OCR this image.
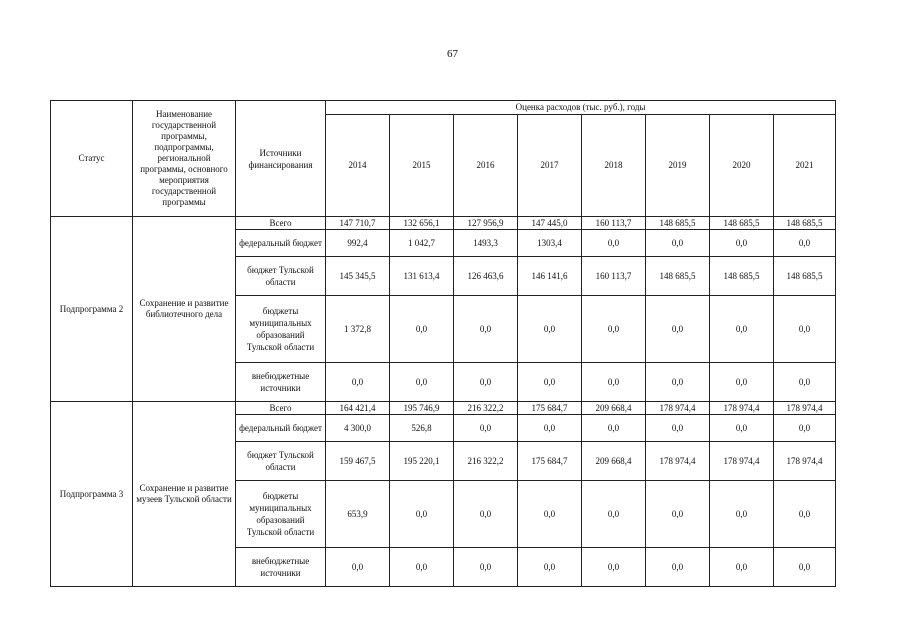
67
Статус	Наименование государственной программы, подпрограммы, региональной программы, основного мероприятия государственной программы	Источники финансирования	Оценка расходов (тыс. руб.), годы							
			2014	2015	2016	2017	2018	2019	2020	2021
Подпрограмма 2	Сохранение и развитие библиотечного дела	Всего	147 710,7	132 656,1	127 956,9	147 445,0	160 113,7	148 685,5	148 685,5	148 685,5
		федеральный бюджет	992,4	1 042,7	1493,3	1303,4	0,0	0,0	0,0	0,0
		бюджет Тульской области	145 345,5	131 613,4	126 463,6	146 141,6	160 113,7	148 685,5	148 685,5	148 685,5
		бюджеты муниципальных образований Тульской области	1 372,8	0,0	0,0	0,0	0,0	0,0	0,0	0,0
		внебюджетные источники	0,0	0,0	0,0	0,0	0,0	0,0	0,0	0,0
Подпрограмма 3	Сохранение и развитие музеев Тульской области	Всего	164 421,4	195 746,9	216 322,2	175 684,7	209 668,4	178 974,4	178 974,4	178 974,4
		федеральный бюджет	4 300,0	526,8	0,0	0,0	0,0	0,0	0,0	0,0
		бюджет Тульской области	159 467,5	195 220,1	216 322,2	175 684,7	209 668,4	178 974,4	178 974,4	178 974,4
		бюджеты муниципальных образований Тульской области	653,9	0,0	0,0	0,0	0,0	0,0	0,0	0,0
		внебюджетные источники	0,0	0,0	0,0	0,0	0,0	0,0	0,0	0,0
